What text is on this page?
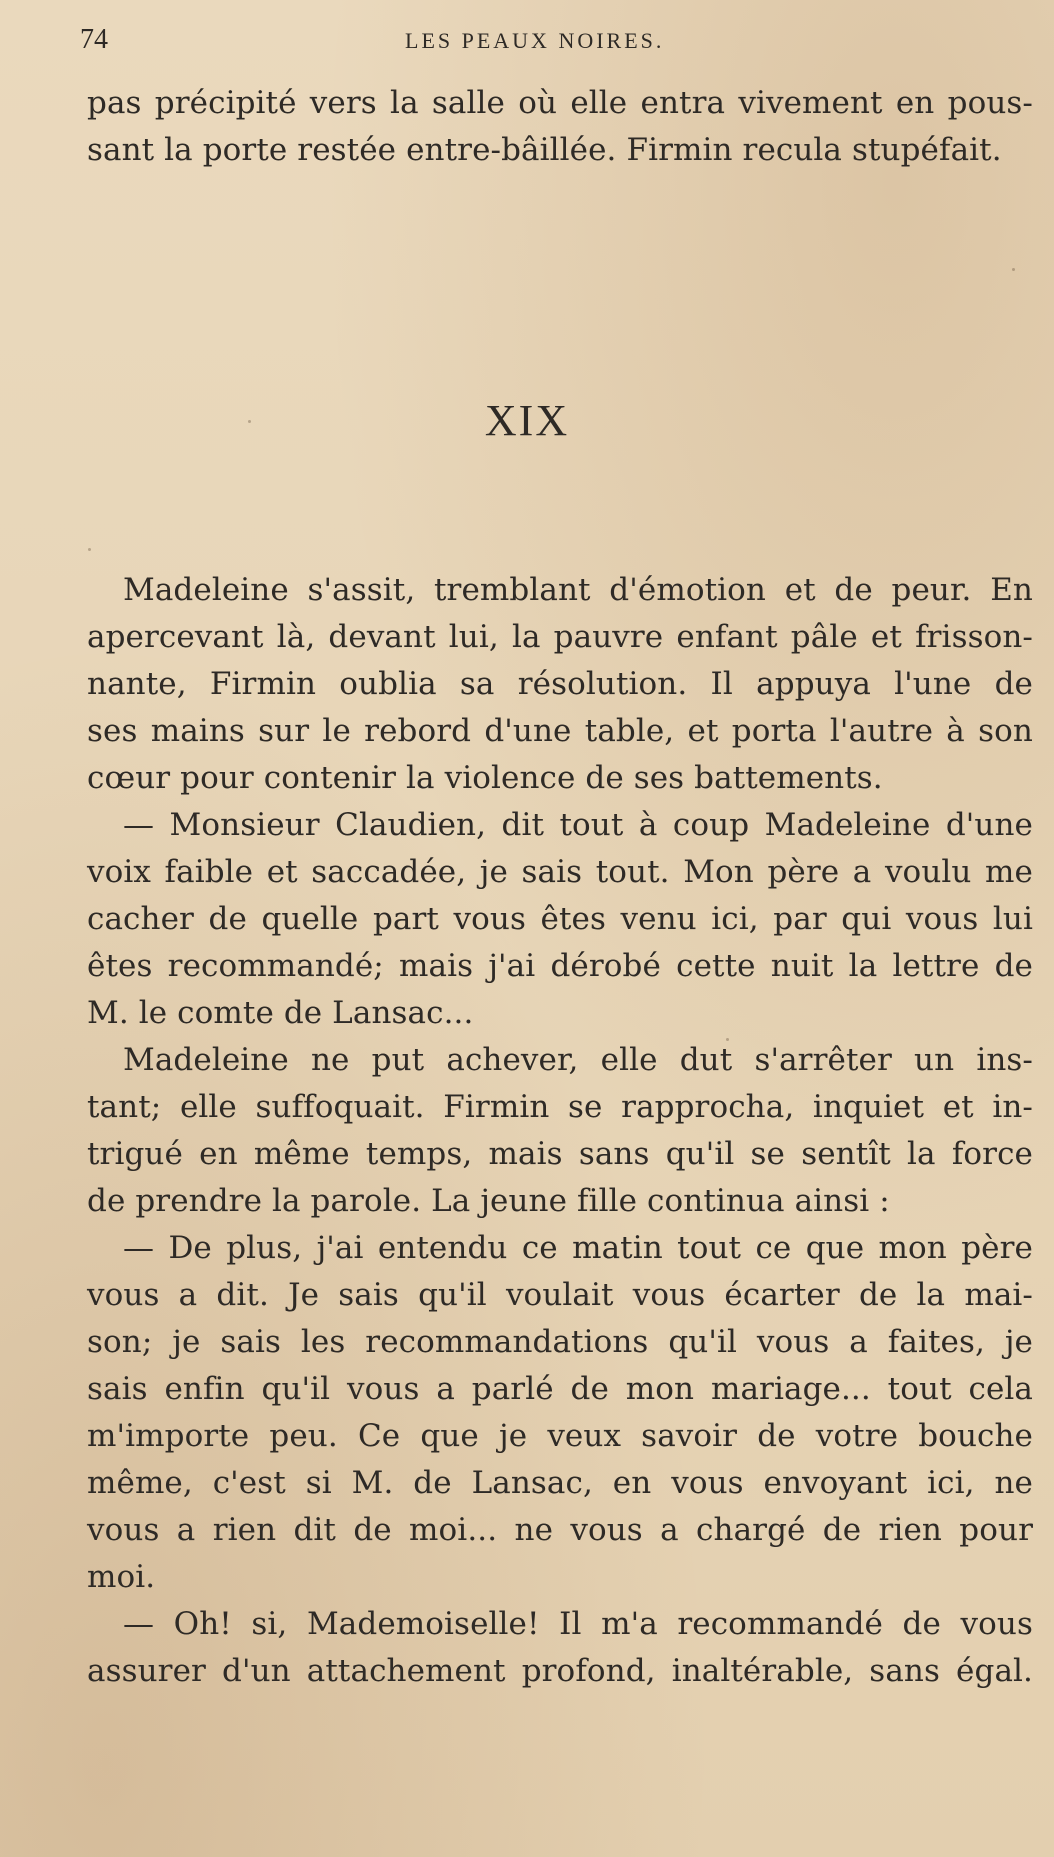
74	LES PEAUX NOIRES.
pas précipité vers la salle où elle entra vivement en pous-
sant la porte restée entre-bâillée. Firmin recula stupéfait.
XIX
Madeleine s'assit, tremblant d'émotion et de peur. En
apercevant là, devant lui, la pauvre enfant pâle et frisson-
nante, Firmin oublia sa résolution. Il appuya l'une de
ses mains sur le rebord d'une table, et porta l'autre à son
cœur pour contenir la violence de ses battements.
— Monsieur Claudien, dit tout à coup Madeleine d'une
voix faible et saccadée, je sais tout. Mon père a voulu me
cacher de quelle part vous êtes venu ici, par qui vous lui
êtes recommandé; mais j'ai dérobé cette nuit la lettre de
M. le comte de Lansac...
Madeleine ne put achever, elle dut s'arrêter un ins-
tant; elle suffoquait. Firmin se rapprocha, inquiet et in-
trigué en même temps, mais sans qu'il se sentît la force
de prendre la parole. La jeune fille continua ainsi :
— De plus, j'ai entendu ce matin tout ce que mon père
vous a dit. Je sais qu'il voulait vous écarter de la mai-
son; je sais les recommandations qu'il vous a faites, je
sais enfin qu'il vous a parlé de mon mariage... tout cela
m'importe peu. Ce que je veux savoir de votre bouche
même, c'est si M. de Lansac, en vous envoyant ici, ne
vous a rien dit de moi... ne vous a chargé de rien pour
moi.
— Oh! si, Mademoiselle! Il m'a recommandé de vous
assurer d'un attachement profond, inaltérable, sans égal.
